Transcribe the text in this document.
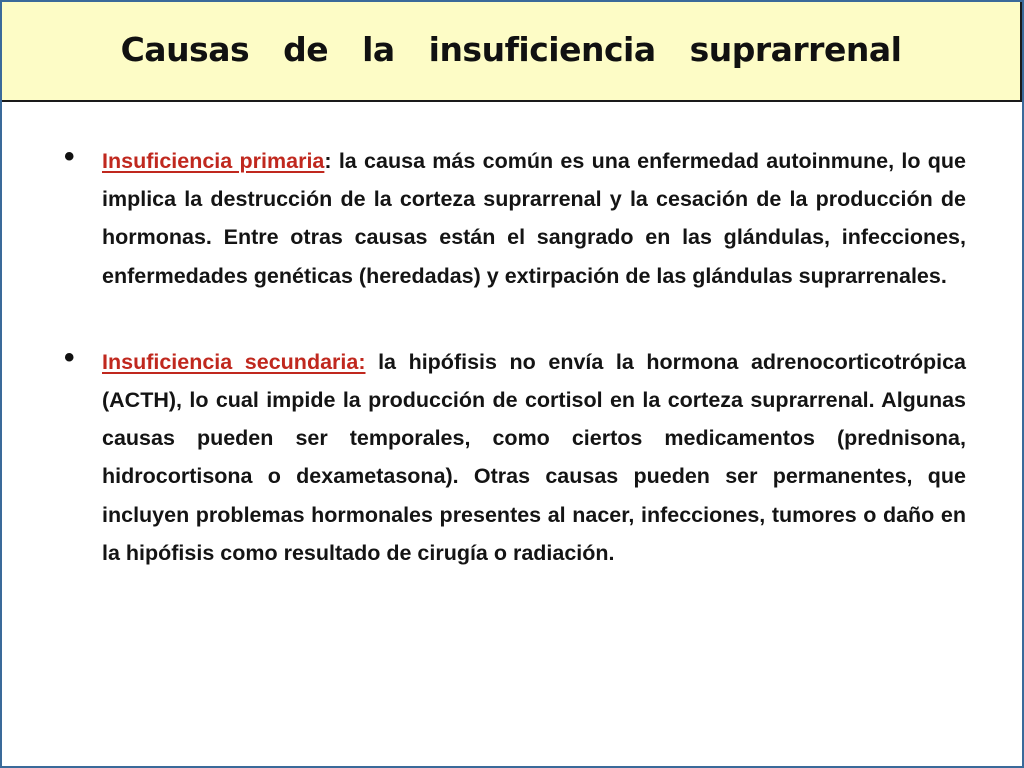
Causas  de  la  insuficiencia  suprarrenal
• Insuficiencia primaria: la causa más común es una enfermedad autoinmune, lo que implica la destrucción de la corteza suprarrenal y la cesación de la producción de hormonas. Entre otras causas están el sangrado en las glándulas, infecciones, enfermedades genéticas (heredadas) y extirpación de las glándulas suprarrenales.
• Insuficiencia secundaria: la hipófisis no envía la hormona adrenocorticotrópica (ACTH), lo cual impide la producción de cortisol en la corteza suprarrenal. Algunas causas pueden ser temporales, como ciertos medicamentos (prednisona, hidrocortisona o dexametasona). Otras causas pueden ser permanentes, que incluyen problemas hormonales presentes al nacer, infecciones, tumores o daño en la hipófisis como resultado de cirugía o radiación.
